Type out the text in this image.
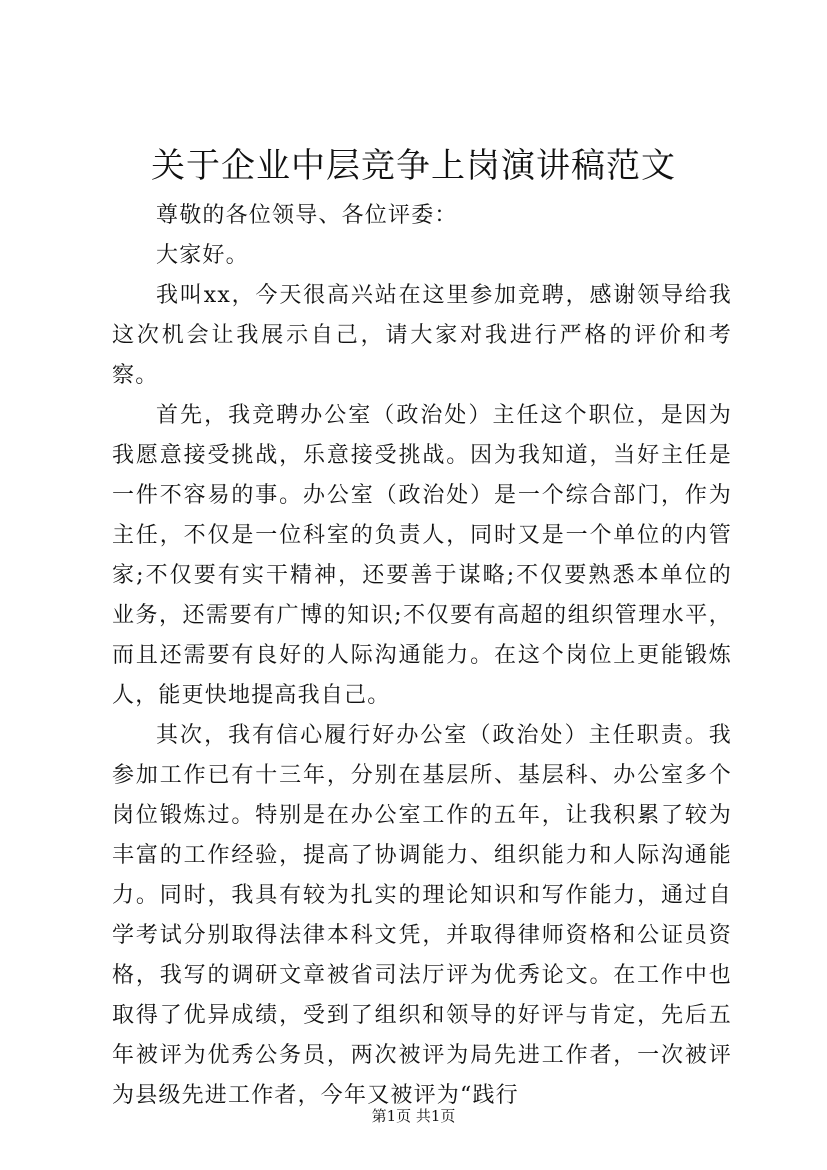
关于企业中层竞争上岗演讲稿范文

尊敬的各位领导、各位评委：

大家好。

我叫xx，今天很高兴站在这里参加竞聘，感谢领导给我这次机会让我展示自己，请大家对我进行严格的评价和考察。

首先，我竞聘办公室（政治处）主任这个职位，是因为我愿意接受挑战，乐意接受挑战。因为我知道，当好主任是一件不容易的事。办公室（政治处）是一个综合部门，作为主任，不仅是一位科室的负责人，同时又是一个单位的内管家;不仅要有实干精神，还要善于谋略;不仅要熟悉本单位的业务，还需要有广博的知识;不仅要有高超的组织管理水平，而且还需要有良好的人际沟通能力。在这个岗位上更能锻炼人，能更快地提高我自己。

其次，我有信心履行好办公室（政治处）主任职责。我参加工作已有十三年，分别在基层所、基层科、办公室多个岗位锻炼过。特别是在办公室工作的五年，让我积累了较为丰富的工作经验，提高了协调能力、组织能力和人际沟通能力。同时，我具有较为扎实的理论知识和写作能力，通过自学考试分别取得法律本科文凭，并取得律师资格和公证员资格，我写的调研文章被省司法厅评为优秀论文。在工作中也取得了优异成绩，受到了组织和领导的好评与肯定，先后五年被评为优秀公务员，两次被评为局先进工作者，一次被评为县级先进工作者，今年又被评为“践行

第1页 共1页
